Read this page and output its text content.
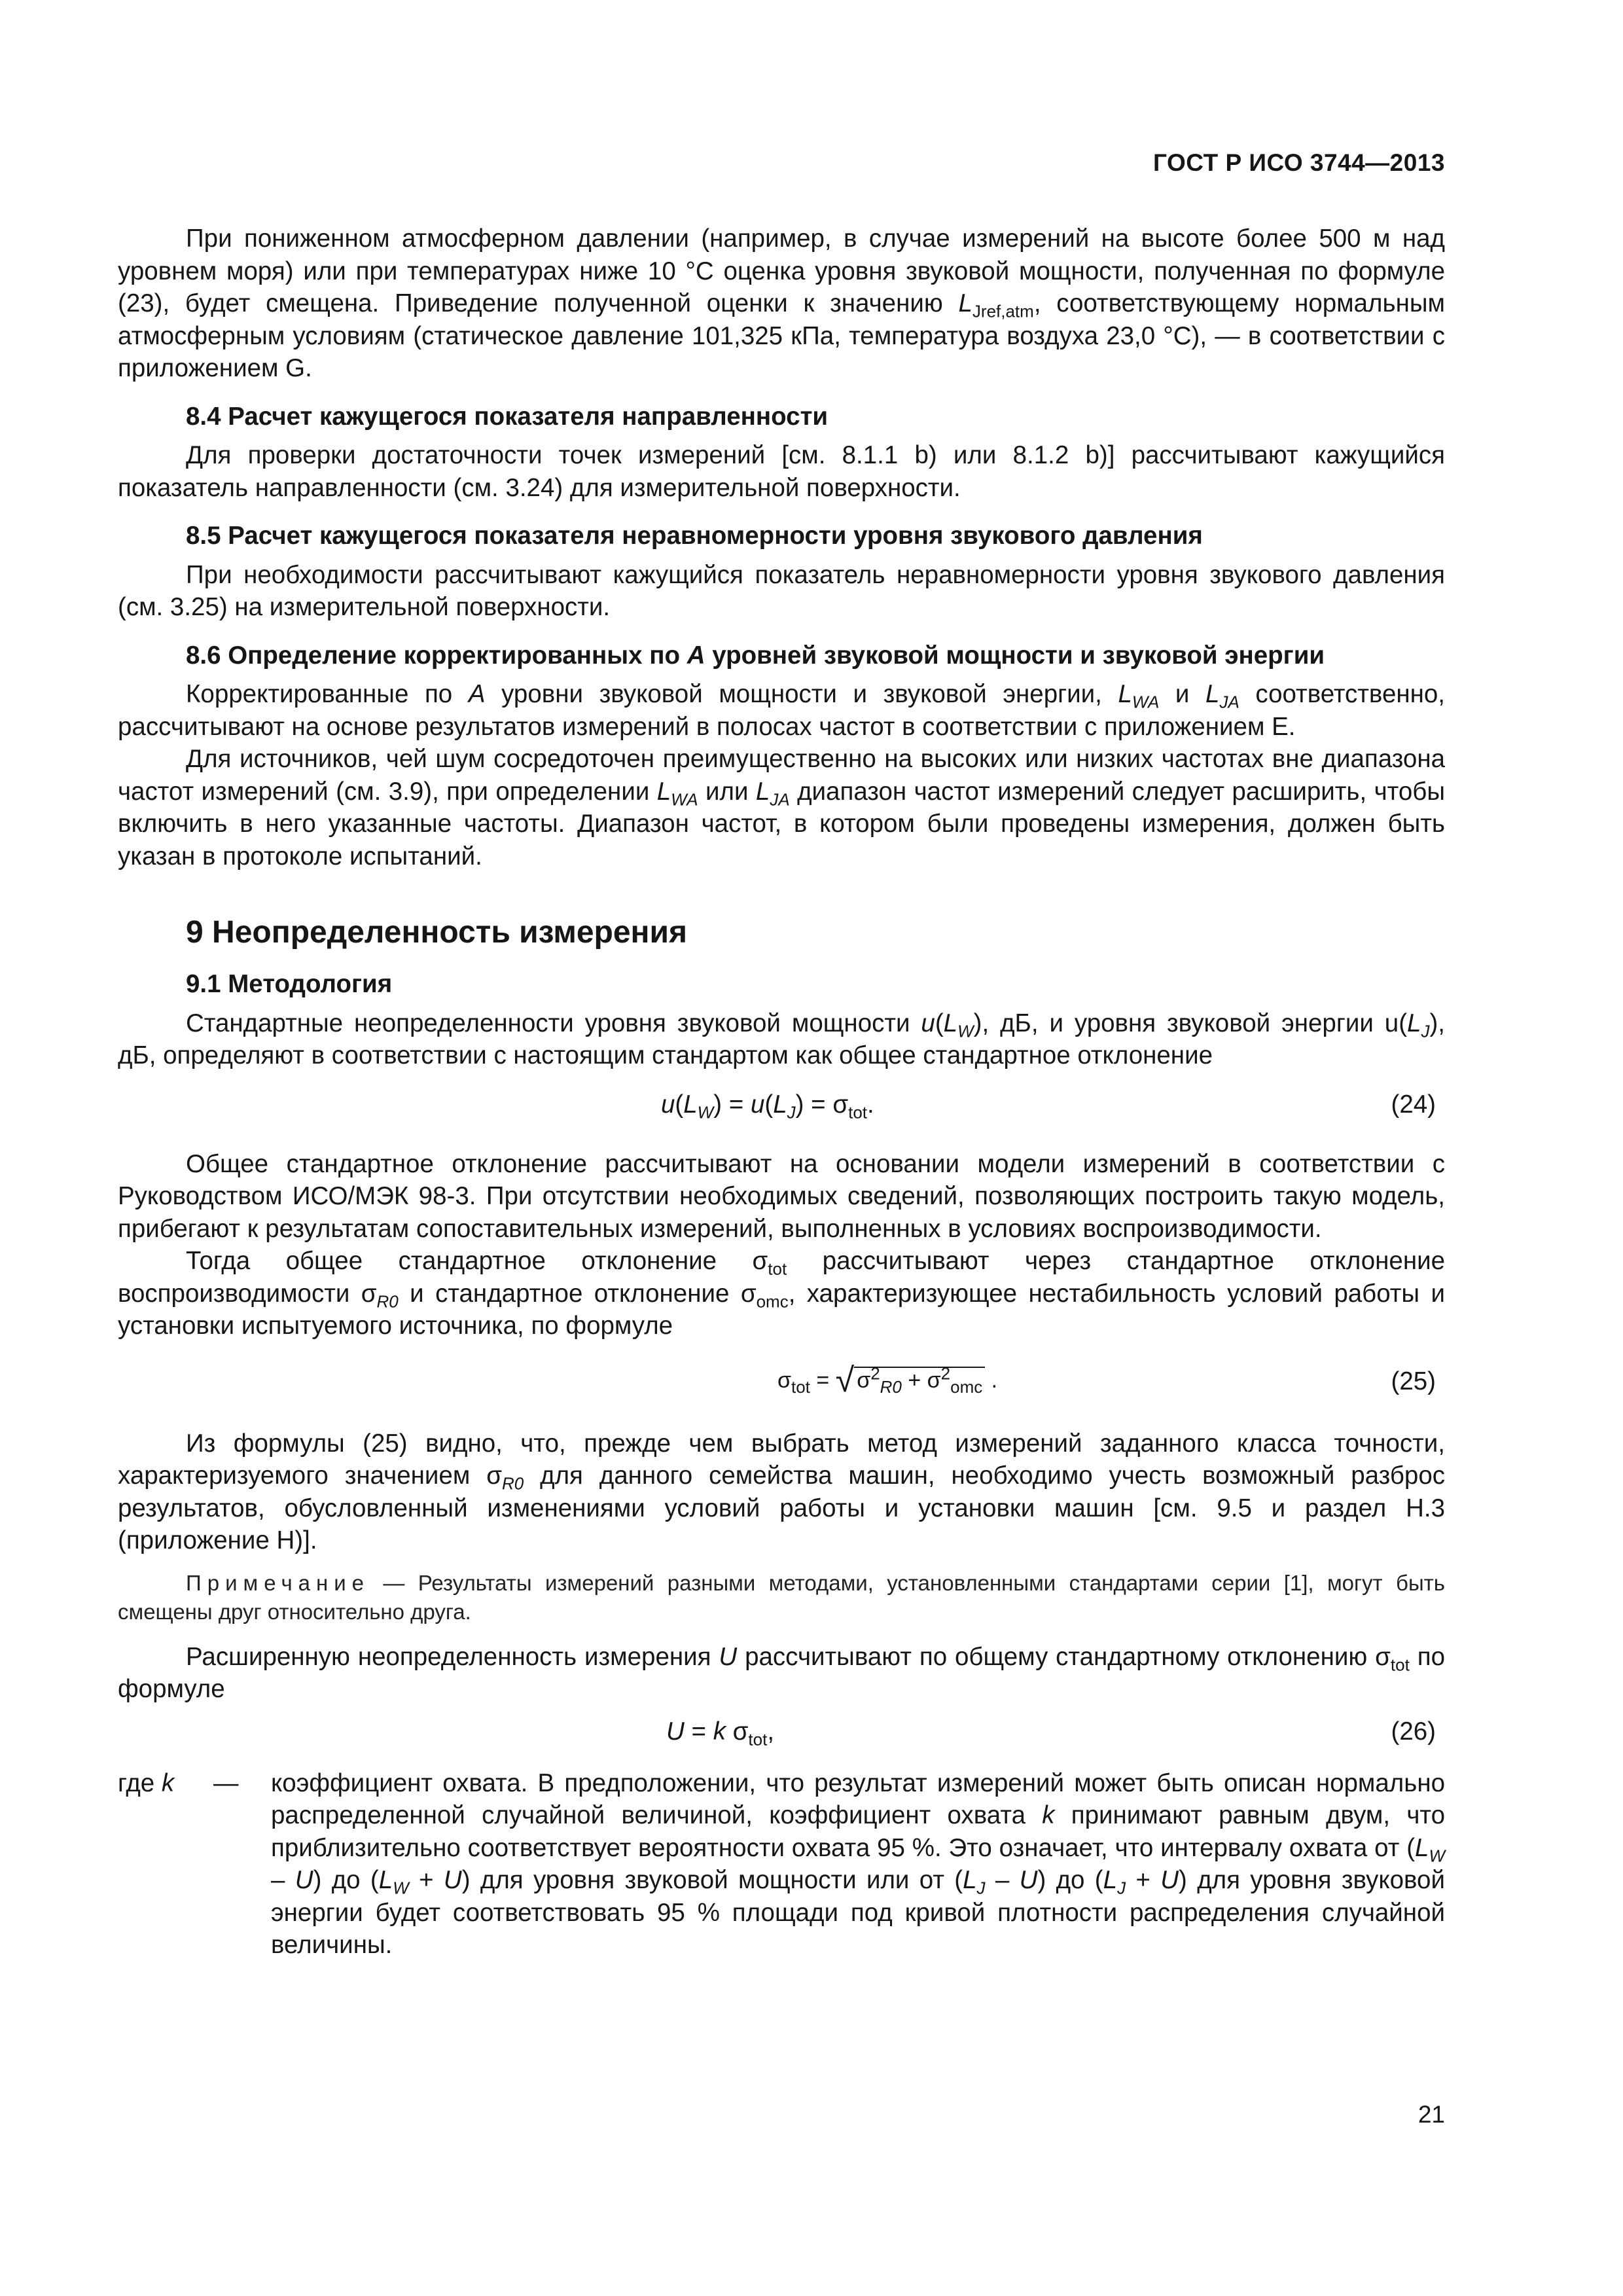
ГОСТ Р ИСО 3744—2013

При пониженном атмосферном давлении (например, в случае измерений на высоте более 500 м над уровнем моря) или при температурах ниже 10 °C оценка уровня звуковой мощности, полученная по формуле (23), будет смещена. Приведение полученной оценки к значению $L_{Jref,atm}$, соответствующему нормальным атмосферным условиям (статическое давление 101,325 кПа, температура воздуха 23,0 °C), — в соответствии с приложением G.

8.4 Расчет кажущегося показателя направленности

Для проверки достаточности точек измерений [см. 8.1.1 b) или 8.1.2 b)] рассчитывают кажущийся показатель направленности (см. 3.24) для измерительной поверхности.

8.5 Расчет кажущегося показателя неравномерности уровня звукового давления

При необходимости рассчитывают кажущийся показатель неравномерности уровня звукового давления (см. 3.25) на измерительной поверхности.

8.6 Определение корректированных по A уровней звуковой мощности и звуковой энергии

Корректированные по A уровни звуковой мощности и звуковой энергии, $L_{WA}$ и $L_{JA}$ соответственно, рассчитывают на основе результатов измерений в полосах частот в соответствии с приложением E.

Для источников, чей шум сосредоточен преимущественно на высоких или низких частотах вне диапазона частот измерений (см. 3.9), при определении $L_{WA}$ или $L_{JA}$ диапазон частот измерений следует расширить, чтобы включить в него указанные частоты. Диапазон частот, в котором были проведены измерения, должен быть указан в протоколе испытаний.

9 Неопределенность измерения
9.1 Методология

Стандартные неопределенности уровня звуковой мощности $u(L_W)$, дБ, и уровня звуковой энергии $u(L_J)$, дБ, определяют в соответствии с настоящим стандартом как общее стандартное отклонение

$u(L_W) = u(L_J) = \sigma_{tot}$.	(24)

Общее стандартное отклонение рассчитывают на основании модели измерений в соответствии с Руководством ИСО/МЭК 98-3. При отсутствии необходимых сведений, позволяющих построить такую модель, прибегают к результатам сопоставительных измерений, выполненных в условиях воспроизводимости.

Тогда общее стандартное отклонение $\sigma_{tot}$ рассчитывают через стандартное отклонение воспроизводимости $\sigma_{R0}$ и стандартное отклонение $\sigma_{omc}$, характеризующее нестабильность условий работы и установки испытуемого источника, по формуле

$\sigma_{tot}$ = √ $\sigma^2_{R0} + \sigma^2_{omc}$ .	(25)

Из формулы (25) видно, что, прежде чем выбрать метод измерений заданного класса точности, характеризуемого значением $\sigma_{R0}$ для данного семейства машин, необходимо учесть возможный разброс результатов, обусловленный изменениями условий работы и установки машин [см. 9.5 и раздел H.3 (приложение H)].

Примечание — Результаты измерений разными методами, установленными стандартами серии [1], могут быть смещены друг относительно друга.

Расширенную неопределенность измерения U рассчитывают по общему стандартному отклонению $\sigma_{tot}$ по формуле

U = k $\sigma_{tot}$,	(26)
где k — коэффициент охвата. В предположении, что результат измерений может быть описан нормально распределенной случайной величиной, коэффициент охвата k принимают равным двум, что приблизительно соответствует вероятности охвата 95 %. Это означает, что интервалу охвата от $(L_W - U)$ до $(L_W + U)$ для уровня звуковой мощности или от $(L_J - U)$ до $(L_J + U)$ для уровня звуковой энергии будет соответствовать 95 % площади под кривой плотности распределения случайной величины.
21
